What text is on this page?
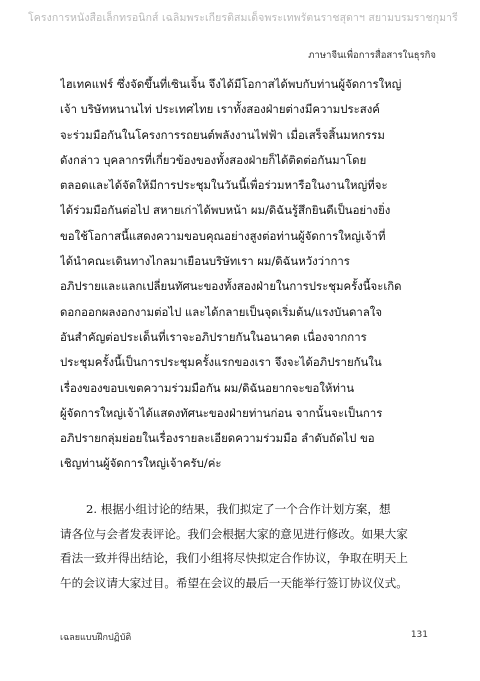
โครงการหนังสือเล็กทรอนิกส์ เฉลิมพระเกียรติสมเด็จพระเทพรัตนราชสุดาฯ สยามบรมราชกุมารี
ภาษาจีนเพื่อการสื่อสารในธุรกิจ
ไฮเทคแฟร์ ซึ่งจัดขึ้นที่เซินเจิ้น จึงได้มีโอกาสได้พบกับท่านผู้จัดการใหญ่
เจ้า บริษัทหนานไท่ ประเทศไทย เราทั้งสองฝ่ายต่างมีความประสงค์
จะร่วมมือกันในโครงการรถยนต์พลังงานไฟฟ้า เมื่อเสร็จสิ้นมหกรรม
ดังกล่าว บุคลากรที่เกี่ยวข้องของทั้งสองฝ่ายก็ได้ติดต่อกันมาโดย
ตลอดและได้จัดให้มีการประชุมในวันนี้เพื่อร่วมหารือในงานใหญ่ที่จะ
ได้ร่วมมือกันต่อไป สหายเก่าได้พบหน้า ผม/ดิฉันรู้สึกยินดีเป็นอย่างยิ่ง
ขอใช้โอกาสนี้แสดงความขอบคุณอย่างสูงต่อท่านผู้จัดการใหญ่เจ้าที่
ได้นำคณะเดินทางไกลมาเยือนบริษัทเรา ผม/ดิฉันหวังว่าการ
อภิปรายและแลกเปลี่ยนทัศนะของทั้งสองฝ่ายในการประชุมครั้งนี้จะเกิด
ดอกออกผลงอกงามต่อไป และได้กลายเป็นจุดเริ่มต้น/แรงบันดาลใจ
อันสำคัญต่อประเด็นที่เราจะอภิปรายกันในอนาคต เนื่องจากการ
ประชุมครั้งนี้เป็นการประชุมครั้งแรกของเรา จึงจะได้อภิปรายกันใน
เรื่องของขอบเขตความร่วมมือกัน ผม/ดิฉันอยากจะขอให้ท่าน
ผู้จัดการใหญ่เจ้าได้แสดงทัศนะของฝ่ายท่านก่อน จากนั้นจะเป็นการ
อภิปรายกลุ่มย่อยในเรื่องรายละเอียดความร่วมมือ ลำดับถัดไป ขอ
เชิญท่านผู้จัดการใหญ่เจ้าครับ/ค่ะ
2. 根据小组讨论的结果，我们拟定了一个合作计划方案，想
请各位与会者发表评论。我们会根据大家的意见进行修改。如果大家
看法一致并得出结论，我们小组将尽快拟定合作协议，争取在明天上
午的会议请大家过目。希望在会议的最后一天能举行签订协议仪式。
เฉลยแบบฝึกปฏิบัติ	131
